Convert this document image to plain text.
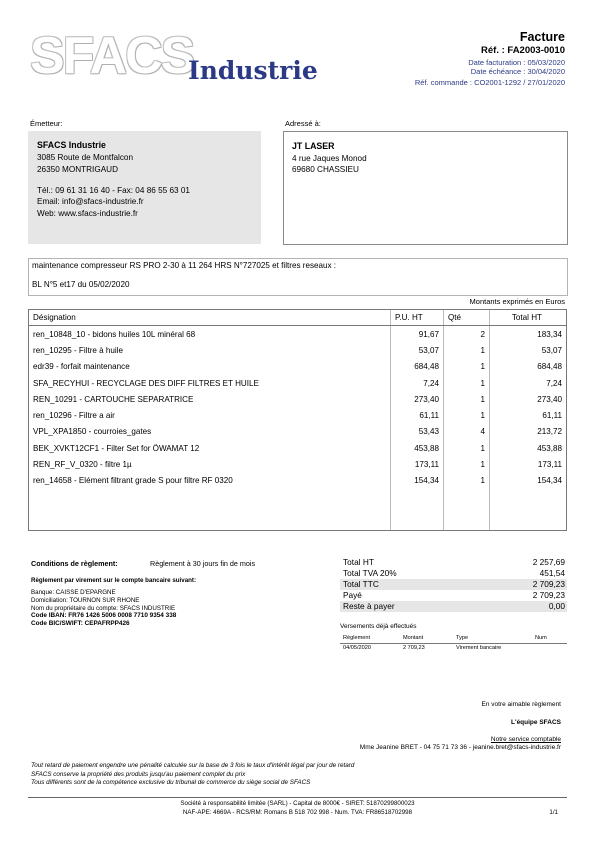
SFACS
Industrie
Facture
Réf. : FA2003-0010
Date facturation : 05/03/2020
Date échéance : 30/04/2020
Réf. commande : CO2001-1292 / 27/01/2020
Émetteur:
SFACS Industrie
3085 Route de Montfalcon
26350 MONTRIGAUD
Tél.: 09 61 31 16 40 - Fax: 04 86 55 63 01
Email: info@sfacs-industrie.fr
Web: www.sfacs-industrie.fr
Adressé à:
JT LASER
4 rue Jaques Monod
69680 CHASSIEU
maintenance compresseur RS PRO 2-30 à 11 264 HRS N°727025 et filtres reseaux :
BL N°5 et17 du 05/02/2020
Montants exprimés en Euros
Désignation	P.U. HT	Qté	Total HT
ren_10848_10 - bidons huiles 10L minéral 68	91,67	2	183,34
ren_10295 - Filtre à huile	53,07	1	53,07
edr39 - forfait maintenance	684,48	1	684,48
SFA_RECYHUI - RECYCLAGE DES DIFF FILTRES ET HUILE	7,24	1	7,24
REN_10291 - CARTOUCHE SEPARATRICE	273,40	1	273,40
ren_10296 - Filtre a air	61,11	1	61,11
VPL_XPA1850 - courroies_gates	53,43	4	213,72
BEK_XVKT12CF1 - Filter Set for ÖWAMAT 12	453,88	1	453,88
REN_RF_V_0320 - filtre 1µ	173,11	1	173,11
ren_14658 - Elément filtrant grade S pour filtre RF 0320	154,34	1	154,34
Conditions de règlement:	Règlement à 30 jours fin de mois
Règlement par virement sur le compte bancaire suivant:
Banque: CAISSE D'EPARGNE
Domiciliation: TOURNON SUR RHONE
Nom du propriétaire du compte: SFACS INDUSTRIE
Code IBAN: FR76 1426 5006 0008 7710 9354 338
Code BIC/SWIFT: CEPAFRPP426
Total HT	2 257,69
Total TVA 20%	451,54
Total TTC	2 709,23
Payé	2 709,23
Reste à payer	0,00
Versements déjà effectués
Règlement	Montant	Type	Num
04/05/2020	2 709,23	Virement bancaire
En votre aimable règlement
L'équipe SFACS
Notre service comptable
Mme Jeanine BRET - 04 75 71 73 36 - jeanine.bret@sfacs-industrie.fr
Tout retard de paiement engendre une pénalité calculée sur la base de 3 fois le taux d'intérêt légal par jour de retard
SFACS conserve la propriété des produits jusqu'au paiement complet du prix
Tous différents sont de la compétence exclusive du tribunal de commerce du siège social de SFACS
Société à responsabilité limitée (SARL) - Capital de 8000€ - SIRET: 51870299800023
NAF-APE: 4669A - RCS/RM: Romans B 518 702 998 - Num. TVA: FR86518702998	1/1
